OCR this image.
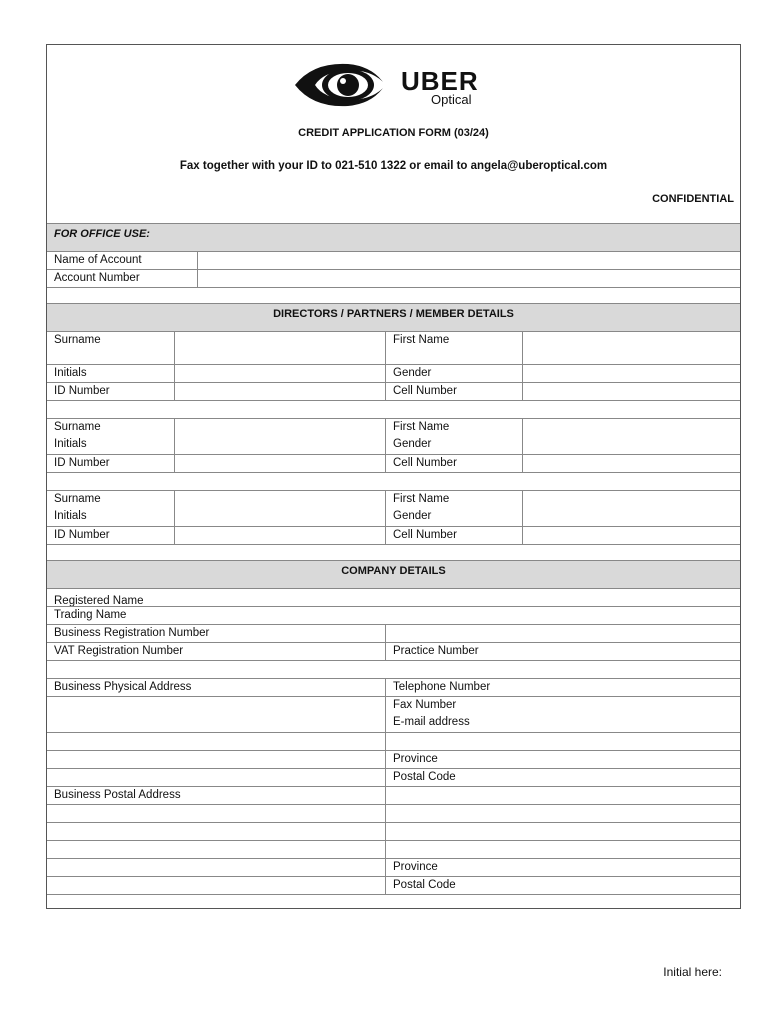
UBER
Optical
CREDIT APPLICATION FORM (03/24)
Fax together with your ID to 021-510 1322 or email to angela@uberoptical.com
CONFIDENTIAL
FOR OFFICE USE:
Name of Account
Account Number
DIRECTORS / PARTNERS / MEMBER DETAILS
Surname	First Name
Initials	Gender
ID Number	Cell Number
Surname	First Name
Initials	Gender
ID Number	Cell Number
Surname	First Name
Initials	Gender
ID Number	Cell Number
COMPANY DETAILS
Registered Name
Trading Name
Business Registration Number
VAT Registration Number	Practice Number
Business Physical Address	Telephone Number
Fax Number
E-mail address
Province
Postal Code
Business Postal Address
Province
Postal Code
Initial here:
